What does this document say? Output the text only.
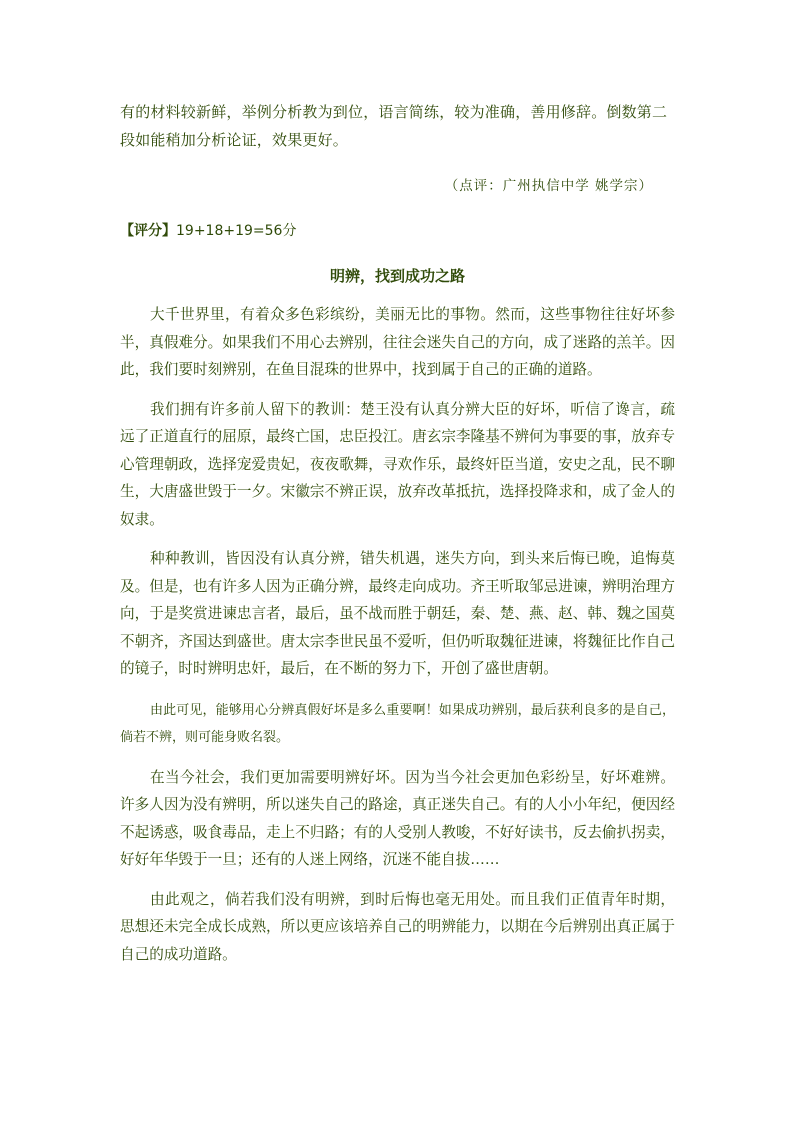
有的材料较新鲜，举例分析教为到位，语言简练，较为准确，善用修辞。倒数第二段如能稍加分析论证，效果更好。

（点评：广州执信中学 姚学宗）
【评分】19+18+19=56分
明辨，找到成功之路

大千世界里，有着众多色彩缤纷，美丽无比的事物。然而，这些事物往往好坏参半，真假难分。如果我们不用心去辨别，往往会迷失自己的方向，成了迷路的羔羊。因此，我们要时刻辨别，在鱼目混珠的世界中，找到属于自己的正确的道路。

我们拥有许多前人留下的教训：楚王没有认真分辨大臣的好坏，听信了谗言，疏远了正道直行的屈原，最终亡国，忠臣投江。唐玄宗李隆基不辨何为事要的事，放弃专心管理朝政，选择宠爱贵妃，夜夜歌舞，寻欢作乐，最终奸臣当道，安史之乱，民不聊生，大唐盛世毁于一夕。宋徽宗不辨正误，放弃改革抵抗，选择投降求和，成了金人的奴隶。

种种教训，皆因没有认真分辨，错失机遇，迷失方向，到头来后悔已晚，追悔莫及。但是，也有许多人因为正确分辨，最终走向成功。齐王听取邹忌进谏，辨明治理方向，于是奖赏进谏忠言者，最后，虽不战而胜于朝廷，秦、楚、燕、赵、韩、魏之国莫不朝齐，齐国达到盛世。唐太宗李世民虽不爱听，但仍听取魏征进谏，将魏征比作自己的镜子，时时辨明忠奸，最后，在不断的努力下，开创了盛世唐朝。

由此可见，能够用心分辨真假好坏是多么重要啊！如果成功辨别，最后获利良多的是自己，倘若不辨，则可能身败名裂。

在当今社会，我们更加需要明辨好坏。因为当今社会更加色彩纷呈，好坏难辨。许多人因为没有辨明，所以迷失自己的路途，真正迷失自己。有的人小小年纪，便因经不起诱惑，吸食毒品，走上不归路；有的人受别人教唆，不好好读书，反去偷扒拐卖，好好年华毁于一旦；还有的人迷上网络，沉迷不能自拔……

由此观之，倘若我们没有明辨，到时后悔也毫无用处。而且我们正值青年时期，思想还未完全成长成熟，所以更应该培养自己的明辨能力，以期在今后辨别出真正属于自己的成功道路。
